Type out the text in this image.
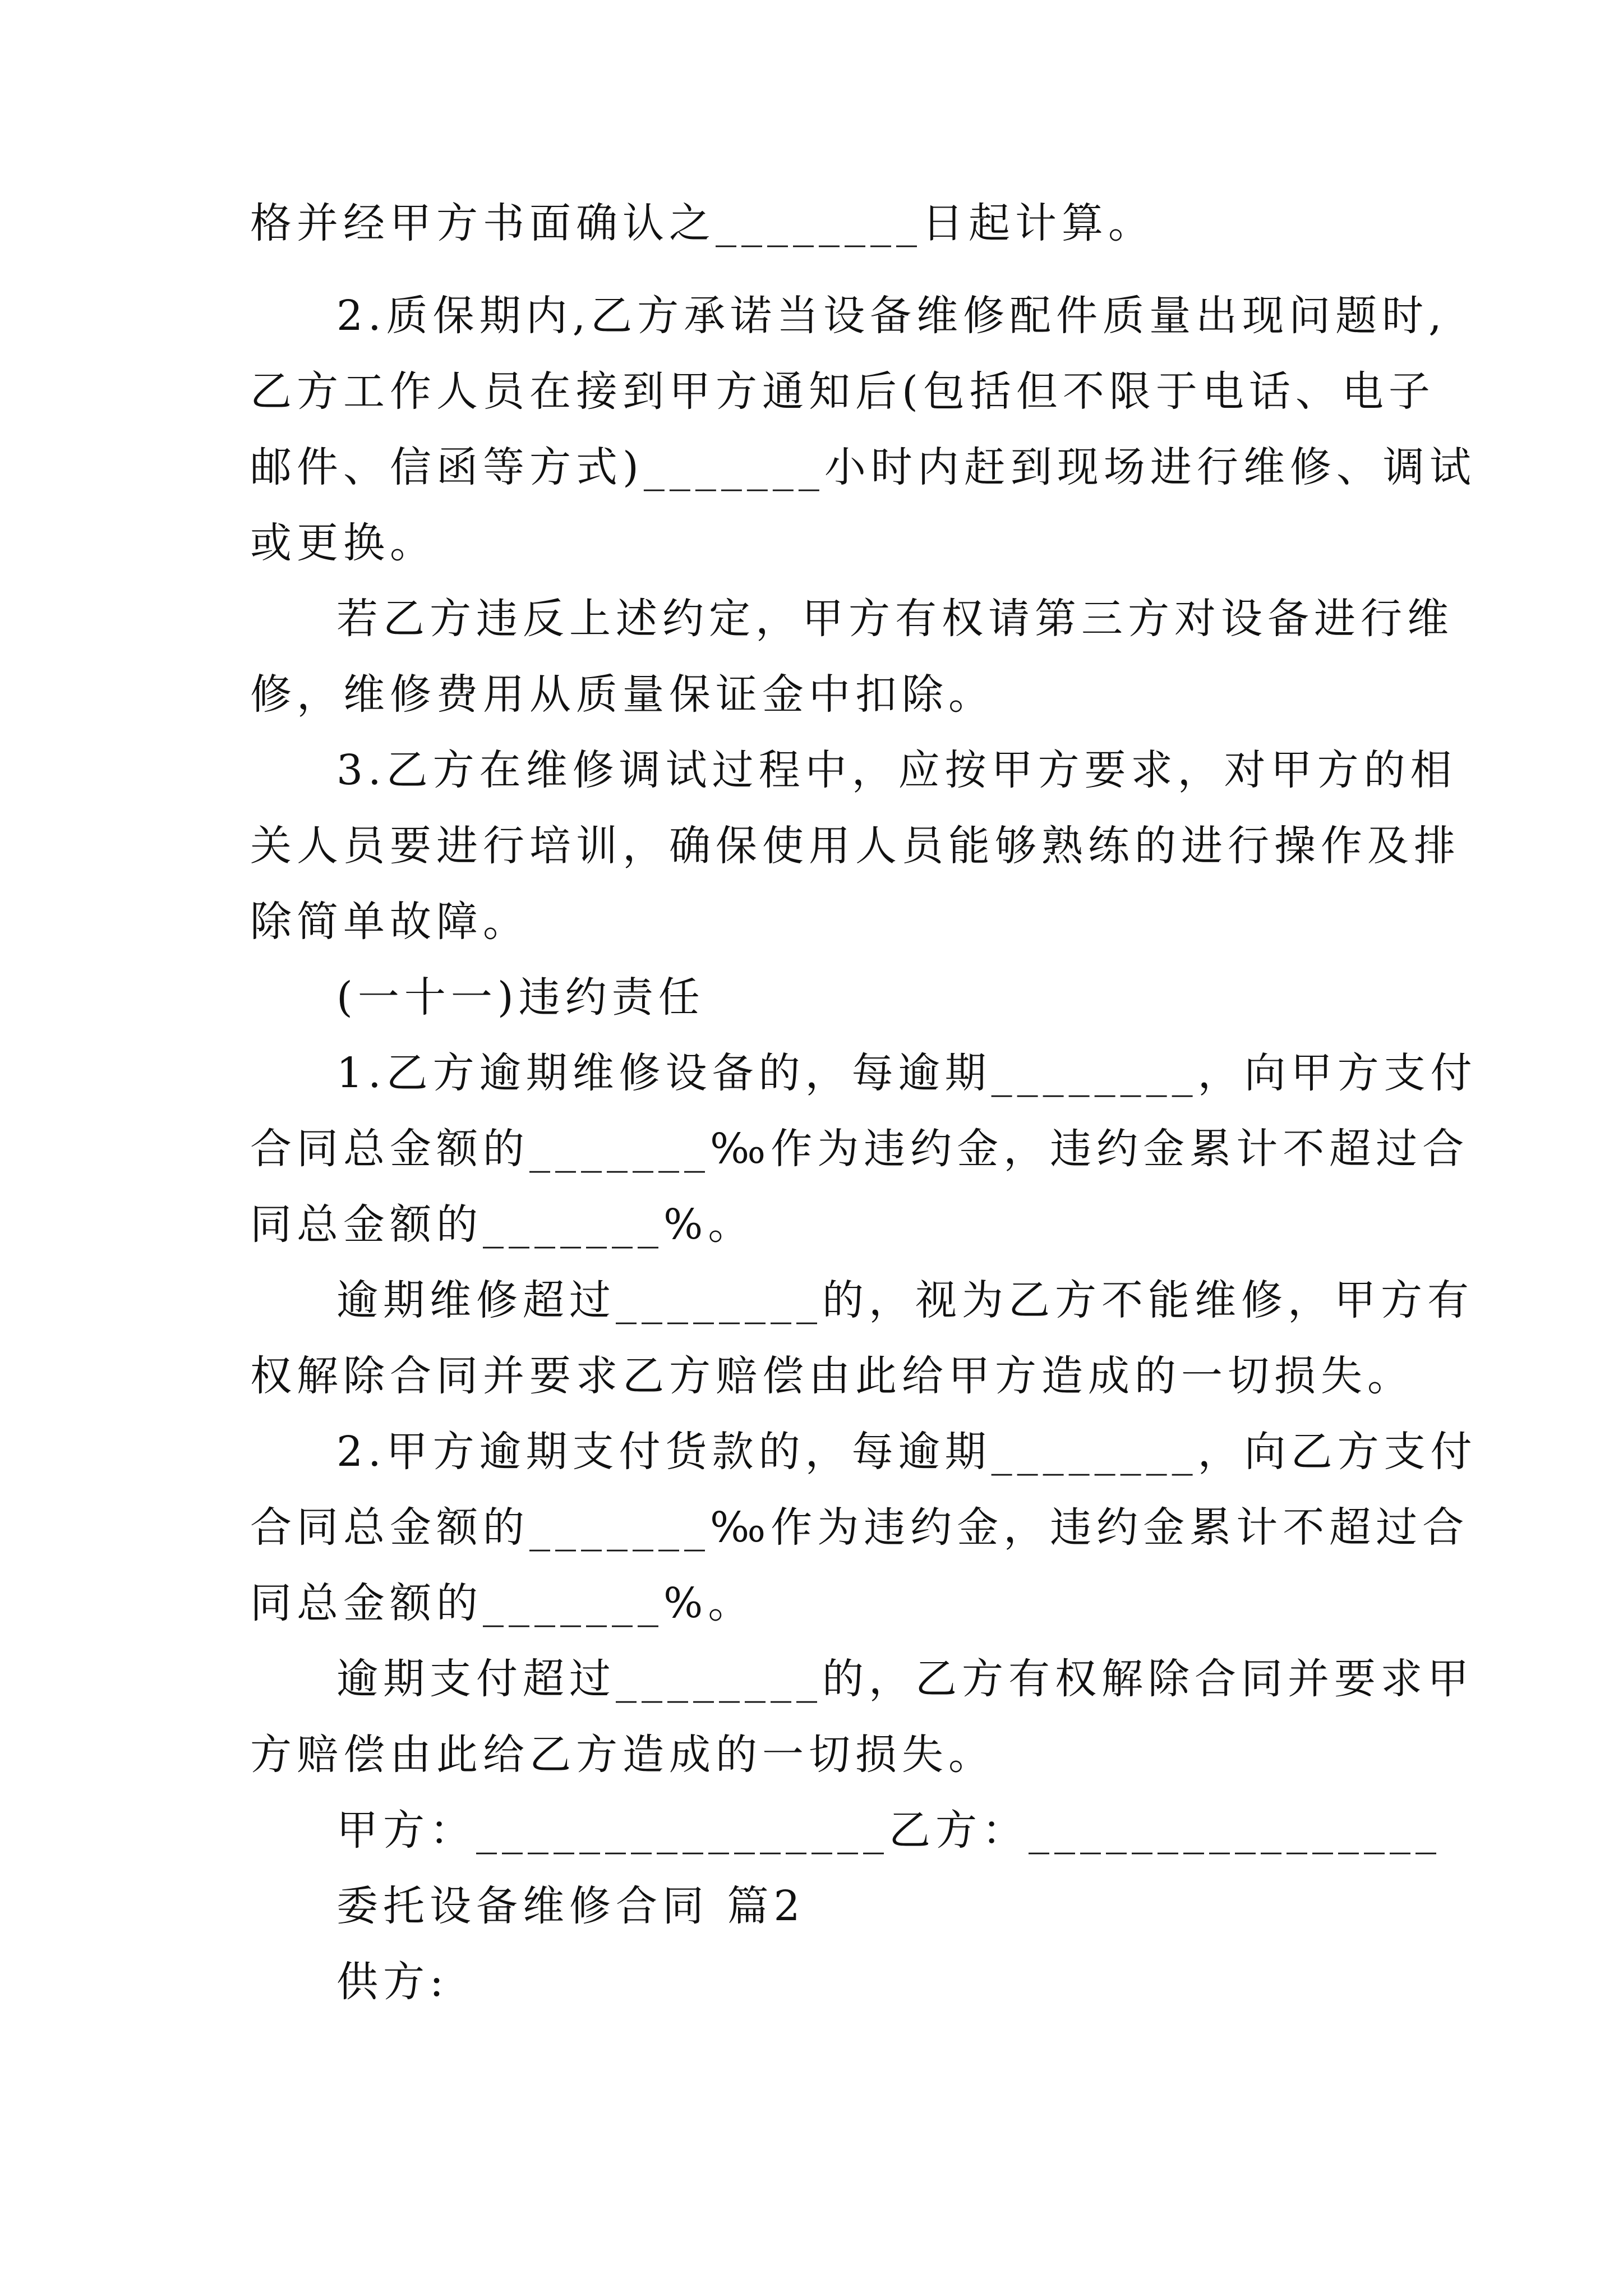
格并经甲方书面确认之________日起计算。
2.质保期内,乙方承诺当设备维修配件质量出现问题时,
乙方工作人员在接到甲方通知后(包括但不限于电话、电子
邮件、信函等方式)_______小时内赶到现场进行维修、调试
或更换。
若乙方违反上述约定，甲方有权请第三方对设备进行维
修，维修费用从质量保证金中扣除。
3.乙方在维修调试过程中，应按甲方要求，对甲方的相
关人员要进行培训，确保使用人员能够熟练的进行操作及排
除简单故障。
(一十一)违约责任
1.乙方逾期维修设备的，每逾期________，向甲方支付
合同总金额的_______‰作为违约金，违约金累计不超过合
同总金额的_______%。
逾期维修超过________的，视为乙方不能维修，甲方有
权解除合同并要求乙方赔偿由此给甲方造成的一切损失。
2.甲方逾期支付货款的，每逾期________，向乙方支付
合同总金额的_______‰作为违约金，违约金累计不超过合
同总金额的_______%。
逾期支付超过________的，乙方有权解除合同并要求甲
方赔偿由此给乙方造成的一切损失。
甲方：________________乙方：________________
委托设备维修合同 篇2
供方:
